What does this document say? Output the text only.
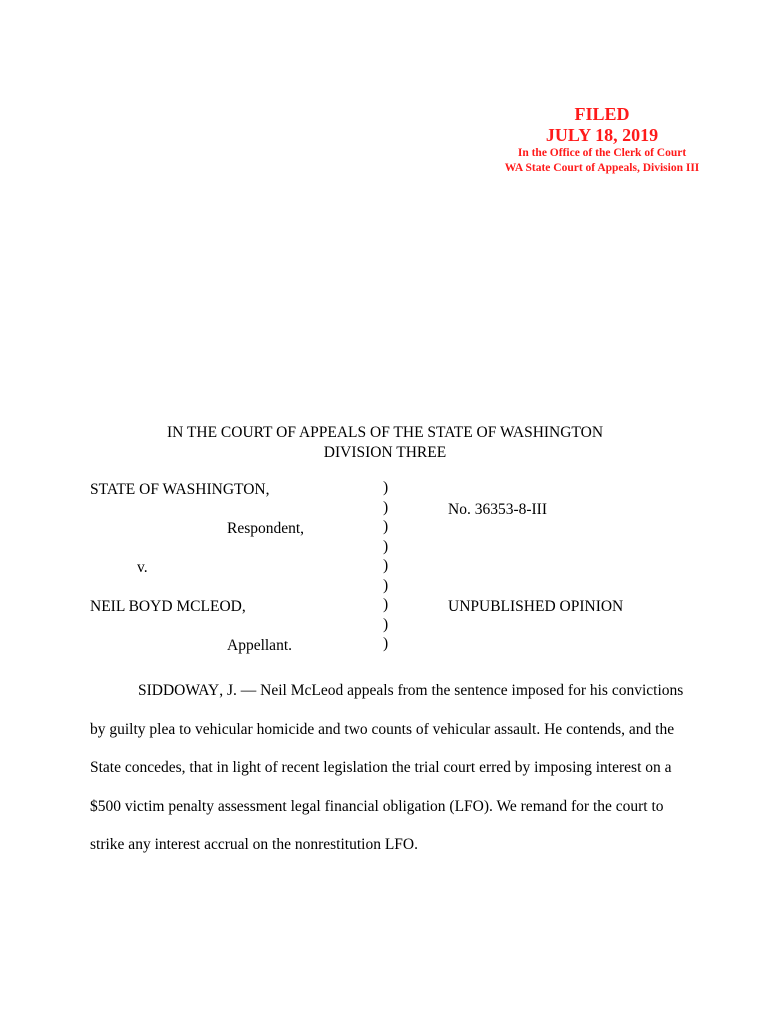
FILED
JULY 18, 2019
In the Office of the Clerk of Court
WA State Court of Appeals, Division III
IN THE COURT OF APPEALS OF THE STATE OF WASHINGTON
DIVISION THREE
STATE OF WASHINGTON,
Respondent,
v.
NEIL BOYD MCLEOD,
Appellant.
)
)
)
)
)
)
)
)
)
No. 36353-8-III
UNPUBLISHED OPINION

SIDDOWAY, J. — Neil McLeod appeals from the sentence imposed for his convictions by guilty plea to vehicular homicide and two counts of vehicular assault. He contends, and the State concedes, that in light of recent legislation the trial court erred by imposing interest on a $500 victim penalty assessment legal financial obligation (LFO). We remand for the court to strike any interest accrual on the nonrestitution LFO.
